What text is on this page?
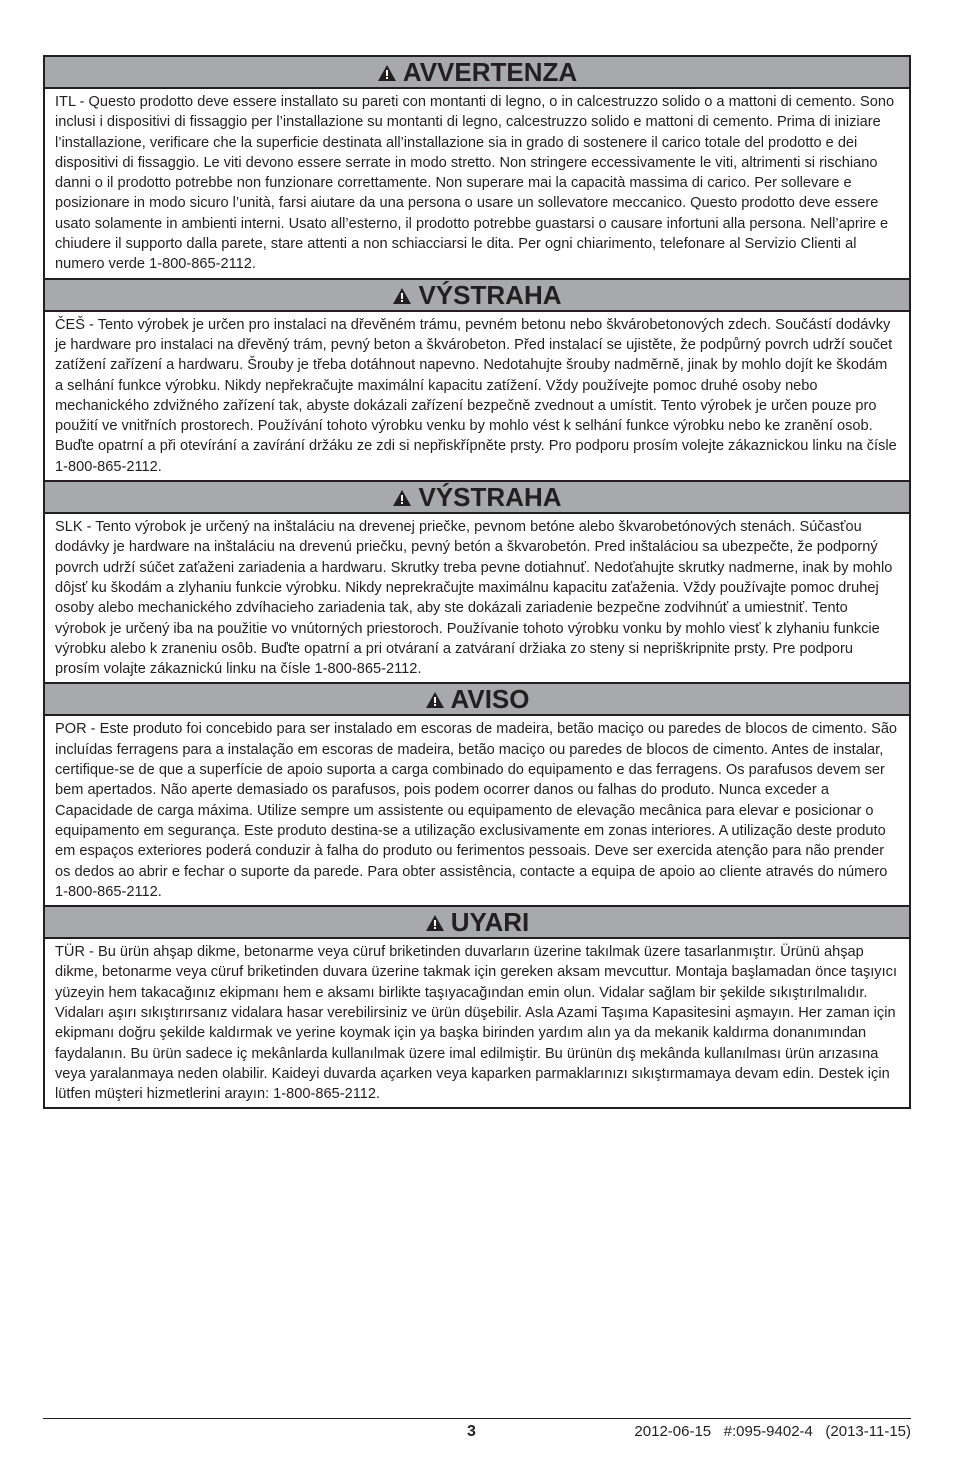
AVVERTENZA
ITL - Questo prodotto deve essere installato su pareti con montanti di legno, o in calcestruzzo solido o a mattoni di cemento. Sono inclusi i dispositivi di fissaggio per l’installazione su montanti di legno, calcestruzzo solido e mattoni di cemento. Prima di iniziare l’installazione, verificare che la superficie destinata all’installazione sia in grado di sostenere il carico totale del prodotto e dei dispositivi di fissaggio. Le viti devono essere serrate in modo stretto. Non stringere eccessivamente le viti, altrimenti si rischiano danni o il prodotto potrebbe non funzionare correttamente. Non superare mai la capacità massima di carico. Per sollevare e posizionare in modo sicuro l’unità, farsi aiutare da una persona o usare un sollevatore meccanico. Questo prodotto deve essere usato solamente in ambienti interni. Usato all’esterno, il prodotto potrebbe guastarsi o causare infortuni alla persona. Nell’aprire e chiudere il supporto dalla parete, stare attenti a non schiacciarsi le dita. Per ogni chiarimento, telefonare al Servizio Clienti al numero verde 1-800-865-2112.
VÝSTRAHA
ČEŠ - Tento výrobek je určen pro instalaci na dřevěném trámu, pevném betonu nebo škvárobetonových zdech. Součástí dodávky je hardware pro instalaci na dřevěný trám, pevný beton a škvárobeton. Před instalací se ujistěte, že podpůrný povrch udrží součet zatížení zařízení a hardwaru. Šrouby je třeba dotáhnout napevno. Nedotahujte šrouby nadměrně, jinak by mohlo dojít ke škodám a selhání funkce výrobku. Nikdy nepřekračujte maximální kapacitu zatížení. Vždy používejte pomoc druhé osoby nebo mechanického zdvižného zařízení tak, abyste dokázali zařízení bezpečně zvednout a umístit. Tento výrobek je určen pouze pro použití ve vnitřních prostorech. Používání tohoto výrobku venku by mohlo vést k selhání funkce výrobku nebo ke zranění osob. Buďte opatrní a při otevírání a zavírání držáku ze zdi si nepřiskřípněte prsty. Pro podporu prosím volejte zákaznickou linku na čísle 1-800-865-2112.
VÝSTRAHA
SLK - Tento výrobok je určený na inštaláciu na drevenej priečke, pevnom betóne alebo škvarobetónových stenách. Súčasťou dodávky je hardware na inštaláciu na drevenú priečku, pevný betón a škvarobetón. Pred inštaláciou sa ubezpečte, že podporný povrch udrží súčet zaťaženi zariadenia a hardwaru. Skrutky treba pevne dotiahnuť. Nedoťahujte skrutky nadmerne, inak by mohlo dôjsť ku škodám a zlyhaniu funkcie výrobku. Nikdy neprekračujte maximálnu kapacitu zaťaženia. Vždy používajte pomoc druhej osoby alebo mechanického zdvíhacieho zariadenia tak, aby ste dokázali zariadenie bezpečne zodvihnúť a umiestniť. Tento výrobok je určený iba na použitie vo vnútorných priestoroch. Používanie tohoto výrobku vonku by mohlo viesť k zlyhaniu funkcie výrobku alebo k zraneniu osôb. Buďte opatrní a pri otváraní a zatváraní držiaka zo steny si nepriškripnite prsty. Pre podporu prosím volajte zákaznickú linku na čísle 1-800-865-2112.
AVISO
POR - Este produto foi concebido para ser instalado em escoras de madeira, betão maciço ou paredes de blocos de cimento. São incluídas ferragens para a instalação em escoras de madeira, betão maciço ou paredes de blocos de cimento. Antes de instalar, certifique-se de que a superfície de apoio suporta a carga combinado do equipamento e das ferragens. Os parafusos devem ser bem apertados. Não aperte demasiado os parafusos, pois podem ocorrer danos ou falhas do produto. Nunca exceder a Capacidade de carga máxima. Utilize sempre um assistente ou equipamento de elevação mecânica para elevar e posicionar o equipamento em segurança. Este produto destina-se a utilização exclusivamente em zonas interiores. A utilização deste produto em espaços exteriores poderá conduzir à falha do produto ou ferimentos pessoais. Deve ser exercida atenção para não prender os dedos ao abrir e fechar o suporte da parede. Para obter assistência, contacte a equipa de apoio ao cliente através do número 1-800-865-2112.
UYARI
TÜR - Bu ürün ahşap dikme, betonarme veya cüruf briketinden duvarların üzerine takılmak üzere tasarlanmıştır. Ürünü ahşap dikme, betonarme veya cüruf briketinden duvara üzerine takmak için gereken aksam mevcuttur. Montaja başlamadan önce taşıyıcı yüzeyin hem takacağınız ekipmanı hem e aksamı birlikte taşıyacağından emin olun. Vidalar sağlam bir şekilde sıkıştırılmalıdır. Vidaları aşırı sıkıştırırsanız vidalara hasar verebilirsiniz ve ürün düşebilir. Asla Azami Taşıma Kapasitesini aşmayın. Her zaman için ekipmanı doğru şekilde kaldırmak ve yerine koymak için ya başka birinden yardım alın ya da mekanik kaldırma donanımından faydalanın. Bu ürün sadece iç mekânlarda kullanılmak üzere imal edilmiştir. Bu ürünün dış mekânda kullanılması ürün arızasına veya yaralanmaya neden olabilir. Kaideyi duvarda açarken veya kaparken parmaklarınızı sıkıştırmamaya devam edin. Destek için lütfen müşteri hizmetlerini arayın: 1-800-865-2112.
3	2012-06-15   #:095-9402-4   (2013-11-15)
